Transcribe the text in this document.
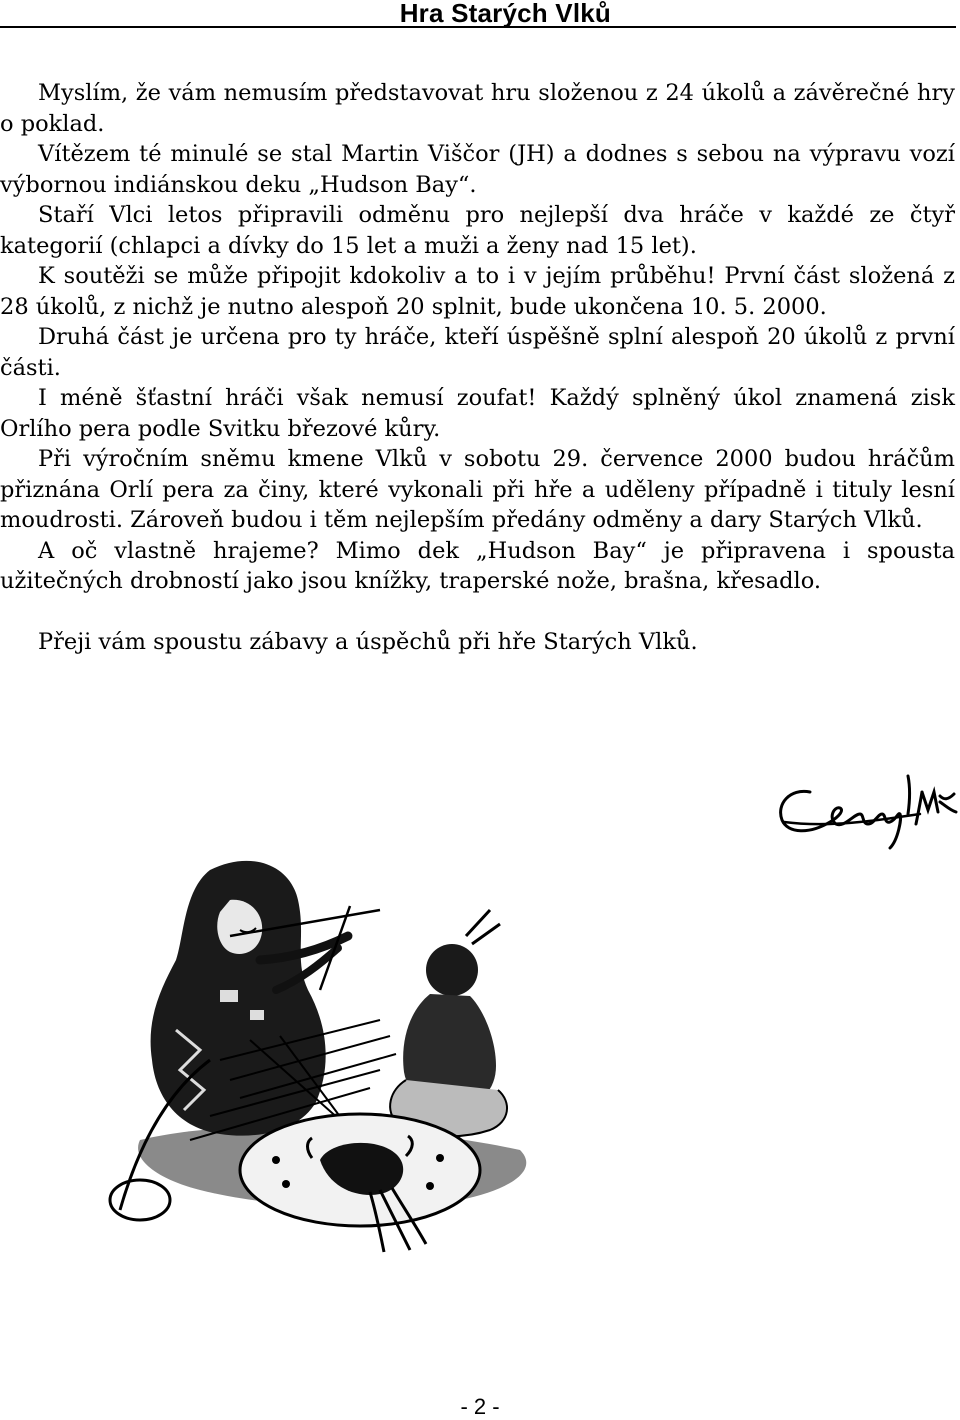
Hra Starých Vlků

Myslím, že vám nemusím představovat hru složenou z 24 úkolů a závěrečné hry o poklad.

Vítězem té minulé se stal Martin Viščor (JH) a dodnes s sebou na výpravu vozí výbornou indiánskou deku „Hudson Bay“.

Staří Vlci letos připravili odměnu pro nejlepší dva hráče v každé ze čtyř kategorií (chlapci a dívky do 15 let a muži a ženy nad 15 let).

K soutěži se může připojit kdokoliv a to i v jejím průběhu! První část složená z 28 úkolů, z nichž je nutno alespoň 20 splnit, bude ukončena 10. 5. 2000.

Druhá část je určena pro ty hráče, kteří úspěšně splní alespoň 20 úkolů z první části.

I méně šťastní hráči však nemusí zoufat! Každý splněný úkol znamená zisk Orlího pera podle Svitku březové kůry.

Při výročním sněmu kmene Vlků v sobotu 29. července 2000 budou hráčům přiznána Orlí pera za činy, které vykonali při hře a uděleny případně i tituly lesní moudrosti. Zároveň budou i těm nejlepším předány odměny a dary Starých Vlků.

A oč vlastně hrajeme? Mimo dek „Hudson Bay“ je připravena i spousta užitečných drobností jako jsou knížky, traperské nože, brašna, křesadlo.

Přeji vám spoustu zábavy a úspěchů při hře Starých Vlků.

- 2 -
